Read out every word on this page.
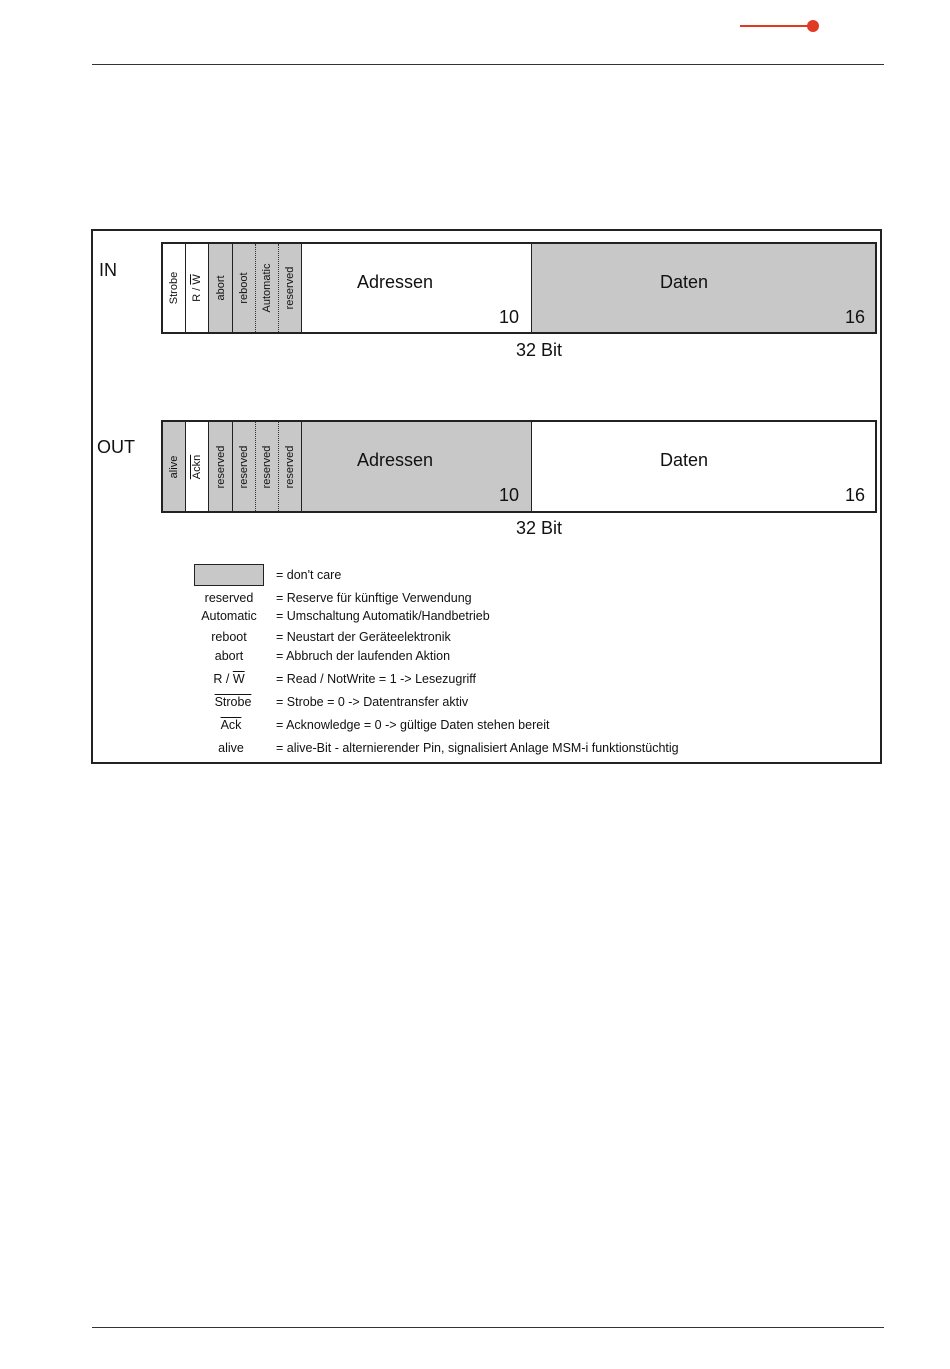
IN
Strobe R / $\overline{W}$ abort reboot Automatic reserved	Adressen
10
Daten
16
32 Bit
OUT
alive Ackn reserved reserved reserved reserved	Adressen
10
Daten
16
32 Bit
= don't care
reserved	= Reserve für künftige Verwendung
Automatic	= Umschaltung Automatik/Handbetrieb
reboot	= Neustart der Geräteelektronik
abort	= Abbruch der laufenden Aktion
R / $\overline{W}$	= Read / NotWrite = 1 -> Lesezugriff
Strobe	= Strobe = 0 -> Datentransfer aktiv
$\overline{Ack}$	= Acknowledge = 0 -> gültige Daten stehen bereit
alive	= alive-Bit - alternierender Pin, signalisiert Anlage MSM-i funktionstüchtig
